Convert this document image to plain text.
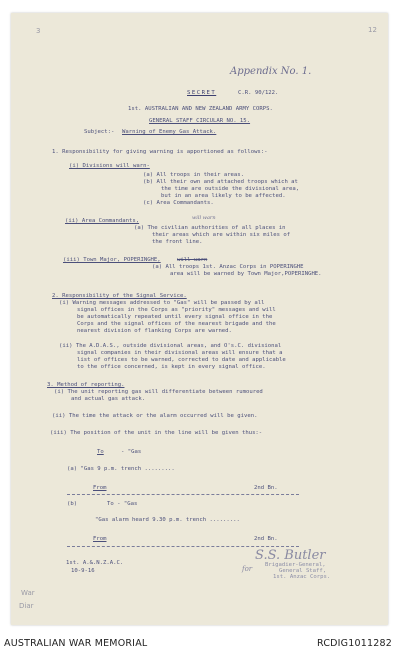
3	12
Appendix No. 1.
SECRET	C.R. 90/122.
1st. AUSTRALIAN AND NEW ZEALAND ARMY CORPS.
GENERAL STAFF CIRCULAR NO. 15.
Subject:- Warning of Enemy Gas Attack.
1. Responsibility for giving warning is apportioned as follows:-
(i) Divisions will warn-
(a) All troops in their areas.
(b) All their own and attached troops which at
the time are outside the divisional area,
but in an area likely to be affected.
(c) Area Commandants.
(ii) Area Commandants,	will warn
(a) The civilian authorities of all places in
their areas which are within six miles of
the front line.
(iii) Town Major, POPERINGHE,	will warn
(a) All troops 1st. Anzac Corps in POPERINGHE
area will be warned by Town Major,POPERINGHE.
2. Responsibility of the Signal Service.
(i) Warning messages addressed to "Gas" will be passed by all
signal offices in the Corps as "priority" messages and will
be automatically repeated until every signal office in the
Corps and the signal offices of the nearest brigade and the
nearest division of flanking Corps are warned.
(ii) The A.D.A.S., outside divisional areas, and O's.C. divisional
signal companies in their divisional areas will ensure that a
list of offices to be warned, corrected to date and applicable
to the office concerned, is kept in every signal office.
3. Method of reporting.
(i) The unit reporting gas will differentiate between rumoured
and actual gas attack.
(ii) The time the attack or the alarm occurred will be given.
(iii) The position of the unit in the line will be given thus:-
To	- "Gas
(a) "Gas 9 p.m. trench .........
From	2nd Bn.
(b)	To - "Gas
"Gas alarm heard 9.30 p.m. trench .........
From	2nd Bn.
1st. A.&.N.Z.A.C.
10-9-16
S.S. Butler
for Brigadier-General,
General Staff,
1st. Anzac Corps.
War
Diar
AUSTRALIAN WAR MEMORIAL	RCDIG1011282
